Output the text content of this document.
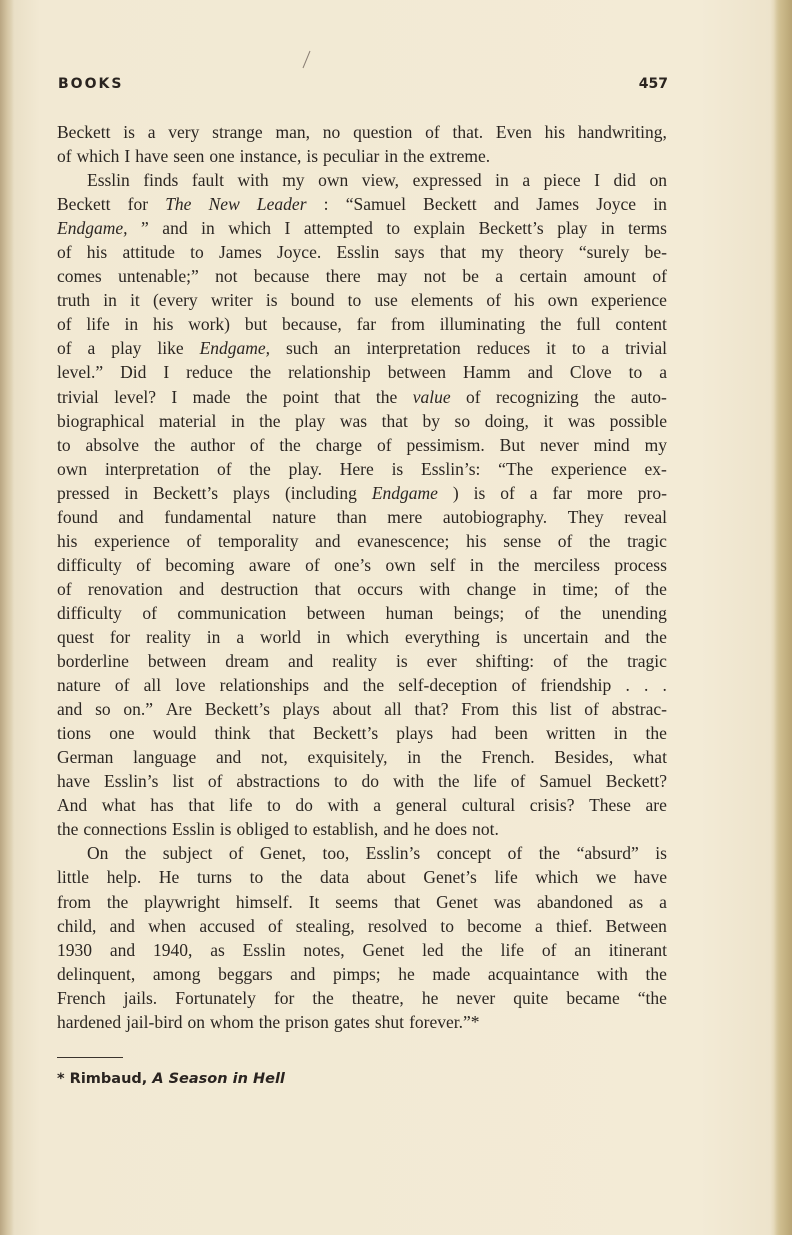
BOOKS	457
Beckett is a very strange man, no question of that. Even his handwriting,
of which I have seen one instance, is peculiar in the extreme.
Esslin finds fault with my own view, expressed in a piece I did on
Beckett for The New Leader : “Samuel Beckett and James Joyce in
Endgame, ” and in which I attempted to explain Beckett’s play in terms
of his attitude to James Joyce. Esslin says that my theory “surely be-
comes untenable;” not because there may not be a certain amount of
truth in it (every writer is bound to use elements of his own experience
of life in his work) but because, far from illuminating the full content
of a play like Endgame, such an interpretation reduces it to a trivial
level.” Did I reduce the relationship between Hamm and Clove to a
trivial level? I made the point that the value of recognizing the auto-
biographical material in the play was that by so doing, it was possible
to absolve the author of the charge of pessimism. But never mind my
own interpretation of the play. Here is Esslin’s: “The experience ex-
pressed in Beckett’s plays (including Endgame ) is of a far more pro-
found and fundamental nature than mere autobiography. They reveal
his experience of temporality and evanescence; his sense of the tragic
difficulty of becoming aware of one’s own self in the merciless process
of renovation and destruction that occurs with change in time; of the
difficulty of communication between human beings; of the unending
quest for reality in a world in which everything is uncertain and the
borderline between dream and reality is ever shifting: of the tragic
nature of all love relationships and the self-deception of friendship . . .
and so on.” Are Beckett’s plays about all that? From this list of abstrac-
tions one would think that Beckett’s plays had been written in the
German language and not, exquisitely, in the French. Besides, what
have Esslin’s list of abstractions to do with the life of Samuel Beckett?
And what has that life to do with a general cultural crisis? These are
the connections Esslin is obliged to establish, and he does not.
On the subject of Genet, too, Esslin’s concept of the “absurd” is
little help. He turns to the data about Genet’s life which we have
from the playwright himself. It seems that Genet was abandoned as a
child, and when accused of stealing, resolved to become a thief. Between
1930 and 1940, as Esslin notes, Genet led the life of an itinerant
delinquent, among beggars and pimps; he made acquaintance with the
French jails. Fortunately for the theatre, he never quite became “the
hardened jail-bird on whom the prison gates shut forever.”*
* Rimbaud, A Season in Hell
